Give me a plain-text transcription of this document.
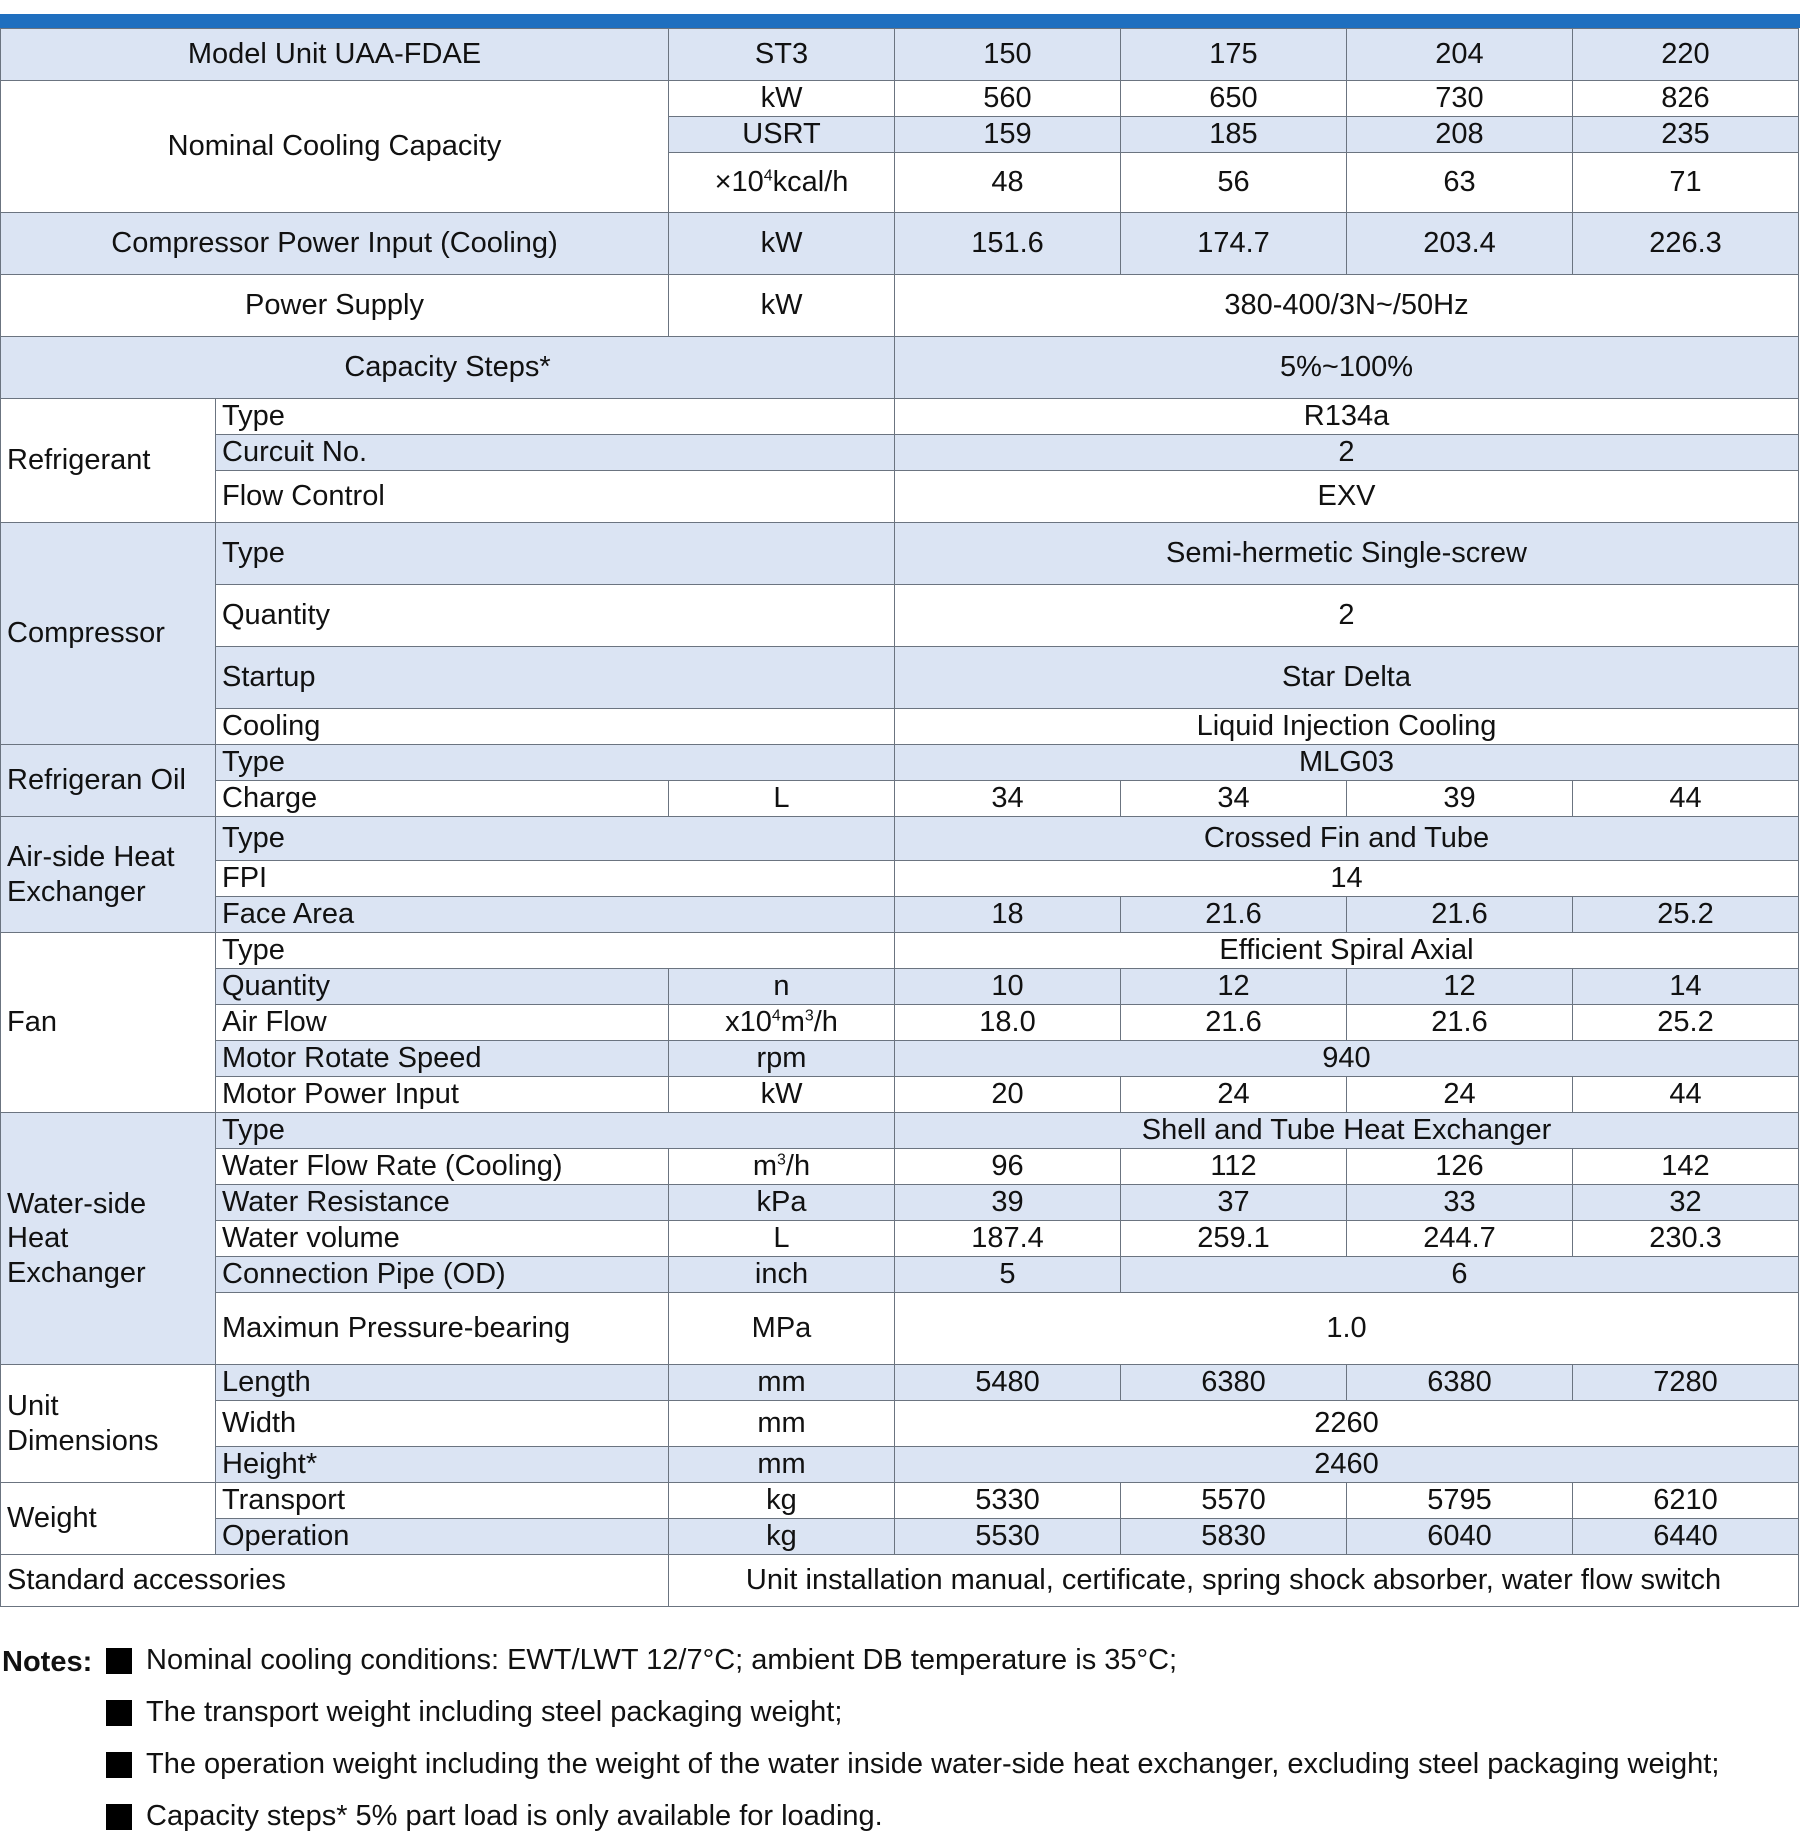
Model Unit UAA-FDAE		ST3	150	175	204	220
Nominal Cooling Capacity		kW	560	650	730	826
		USRT	159	185	208	235
		$\times 10^4kcal/h$	48	56	63	71
Compressor Power Input (Cooling)		kW	151.6	174.7	203.4	226.3
Power Supply		kW	380-400/3N~/50Hz			
Capacity Steps*			5%~100%			
Refrigerant	Type		R134a			
	Curcuit No.		2			
	Flow Control		EXV			
Compressor	Type		Semi-hermetic Single-screw			
	Quantity		2			
	Startup		Star Delta			
	Cooling		Liquid Injection Cooling			
Refrigeran Oil	Type		MLG03			
	Charge	L	34	34	39	44
Air-side Heat Exchanger	Type		Crossed Fin and Tube			
	FPI		14			
	Face Area		18	21.6	21.6	25.2
Fan	Type		Efficient Spiral Axial			
	Quantity	n	10	12	12	14
	Air Flow	$x10^4m^3/h$	18.0	21.6	21.6	25.2
	Motor Rotate Speed	rpm	940			
	Motor Power Input	kW	20	24	24	44
Water-side Heat Exchanger	Type		Shell and Tube Heat Exchanger			
	Water Flow Rate (Cooling)	$m^3/h$	96	112	126	142
	Water Resistance	kPa	39	37	33	32
	Water volume	L	187.4	259.1	244.7	230.3
	Connection Pipe (OD)	inch	5	6		
	Maximun Pressure-bearing	MPa	1.0			
Unit Dimensions	Length	mm	5480	6380	6380	7280
	Width	mm	2260			
	Height*	mm	2460			
Weight	Transport	kg	5330	5570	5795	6210
	Operation	kg	5530	5830	6040	6440
Standard accessories		Unit installation manual, certificate, spring shock absorber, water flow switch				
Notes: Nominal cooling conditions: EWT/LWT 12/7°C; ambient DB temperature is 35°C;
The transport weight including steel packaging weight;
The operation weight including the weight of the water inside water-side heat exchanger, excluding steel packaging weight;
Capacity steps* 5% part load is only available for loading.
